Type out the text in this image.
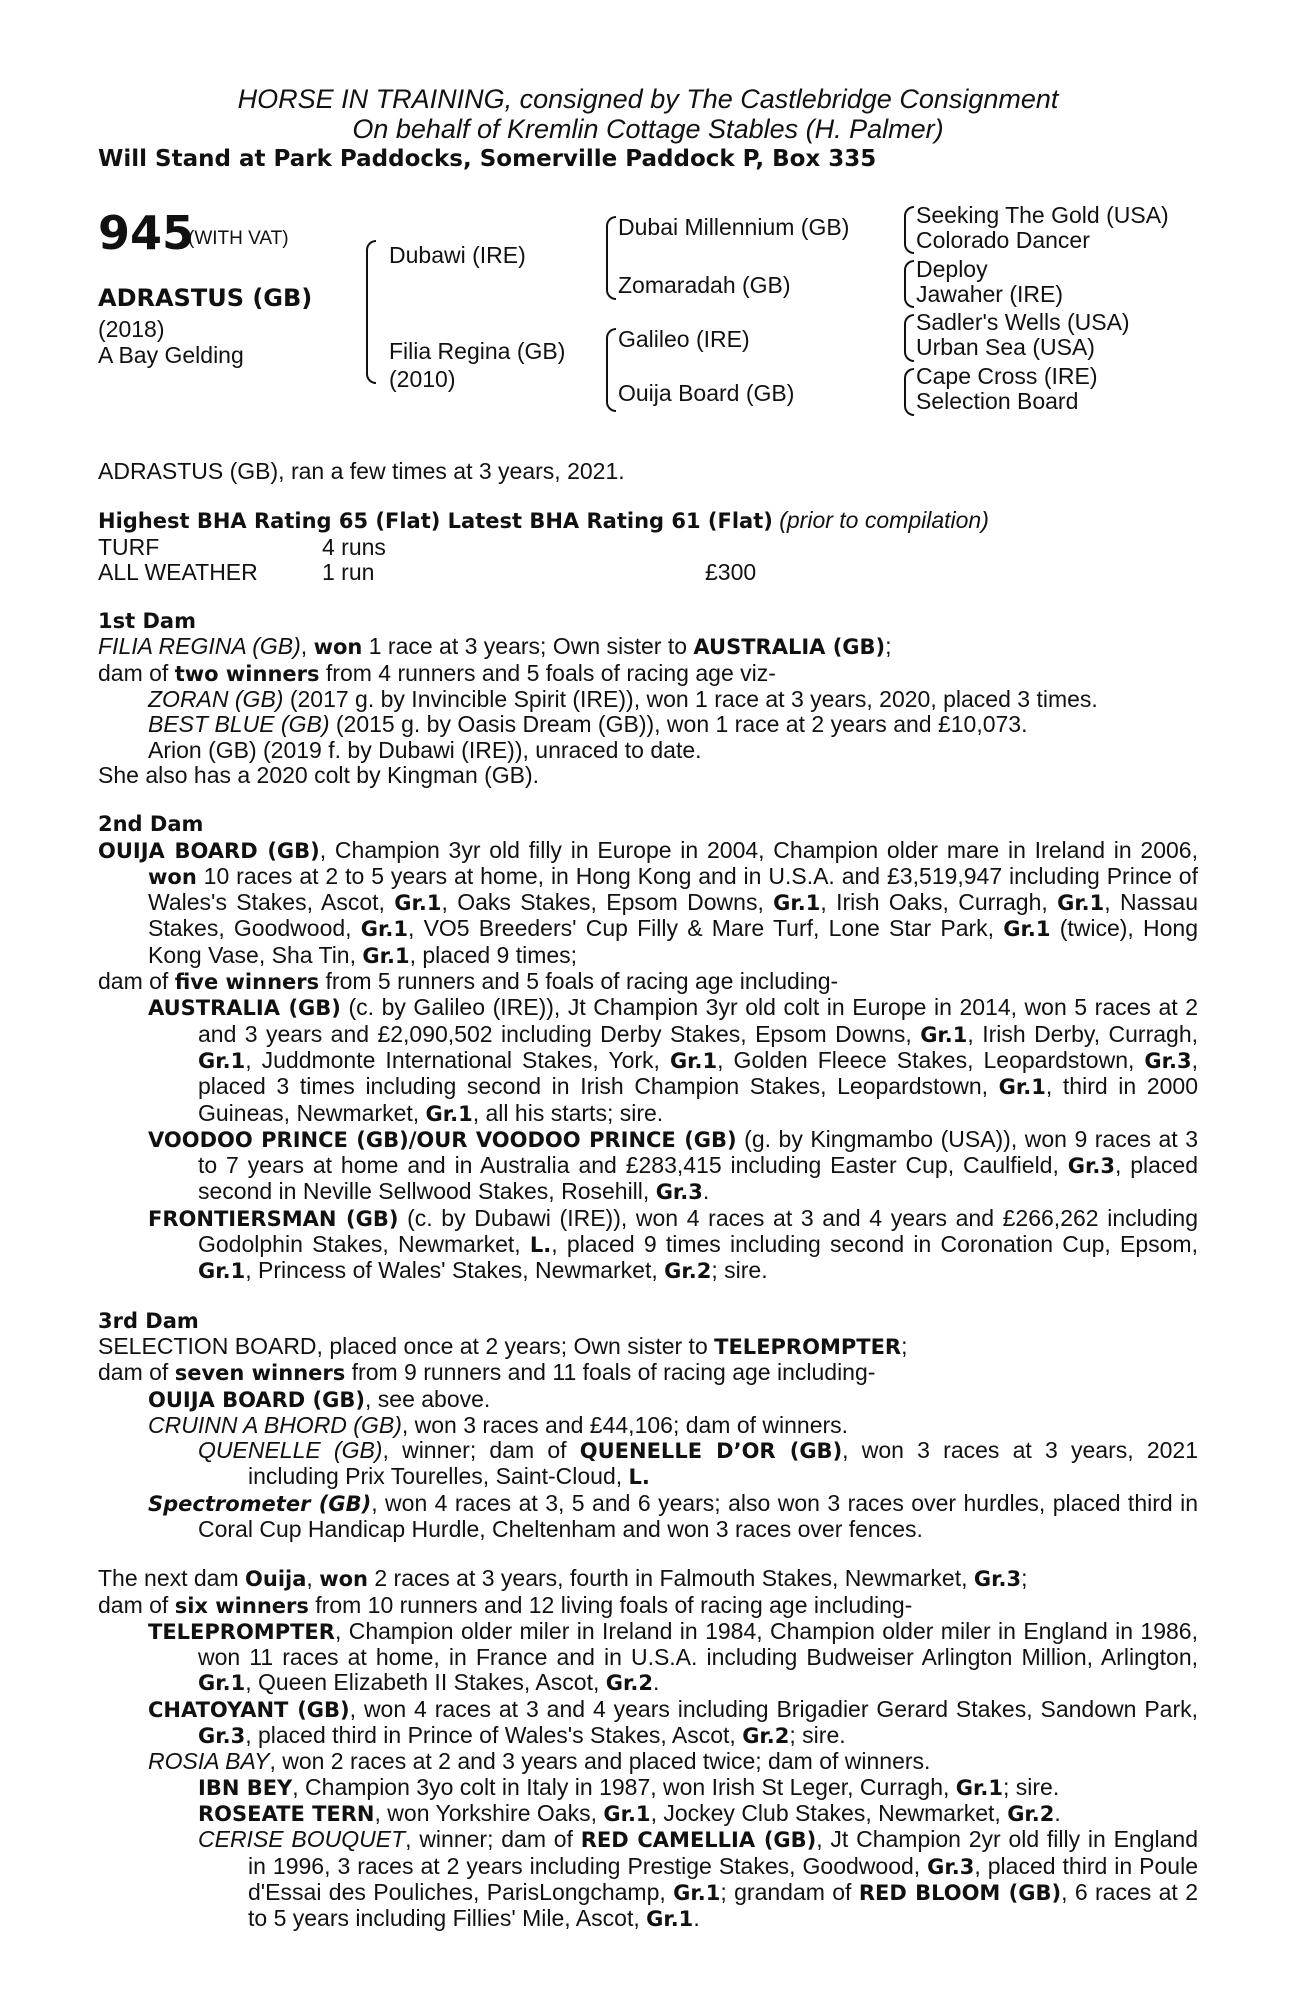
HORSE IN TRAINING, consigned by The Castlebridge Consignment
On behalf of Kremlin Cottage Stables (H. Palmer)
Will Stand at Park Paddocks, Somerville Paddock P, Box 335
945
(WITH VAT)
ADRASTUS (GB)
(2018)
A Bay Gelding
Dubawi (IRE)
Filia Regina (GB)
(2010)
Dubai Millennium (GB)
Zomaradah (GB)
Galileo (IRE)
Ouija Board (GB)
Seeking The Gold (USA)
Colorado Dancer
Deploy
Jawaher (IRE)
Sadler's Wells (USA)
Urban Sea (USA)
Cape Cross (IRE)
Selection Board

ADRASTUS (GB), ran a few times at 3 years, 2021.

Highest BHA Rating 65 (Flat) Latest BHA Rating 61 (Flat) (prior to compilation)

TURF	4 runs
ALL WEATHER	1 run	£300

1st Dam

FILIA REGINA (GB), won 1 race at 3 years; Own sister to AUSTRALIA (GB);

dam of two winners from 4 runners and 5 foals of racing age viz-

ZORAN (GB) (2017 g. by Invincible Spirit (IRE)), won 1 race at 3 years, 2020, placed 3 times.

BEST BLUE (GB) (2015 g. by Oasis Dream (GB)), won 1 race at 2 years and £10,073.

Arion (GB) (2019 f. by Dubawi (IRE)), unraced to date.

She also has a 2020 colt by Kingman (GB).

2nd Dam

OUIJA BOARD (GB), Champion 3yr old filly in Europe in 2004, Champion older mare in Ireland in 2006, won 10 races at 2 to 5 years at home, in Hong Kong and in U.S.A. and £3,519,947 including Prince of Wales's Stakes, Ascot, Gr.1, Oaks Stakes, Epsom Downs, Gr.1, Irish Oaks, Curragh, Gr.1, Nassau Stakes, Goodwood, Gr.1, VO5 Breeders' Cup Filly & Mare Turf, Lone Star Park, Gr.1 (twice), Hong Kong Vase, Sha Tin, Gr.1, placed 9 times;

dam of five winners from 5 runners and 5 foals of racing age including-

AUSTRALIA (GB) (c. by Galileo (IRE)), Jt Champion 3yr old colt in Europe in 2014, won 5 races at 2 and 3 years and £2,090,502 including Derby Stakes, Epsom Downs, Gr.1, Irish Derby, Curragh, Gr.1, Juddmonte International Stakes, York, Gr.1, Golden Fleece Stakes, Leopardstown, Gr.3, placed 3 times including second in Irish Champion Stakes, Leopardstown, Gr.1, third in 2000 Guineas, Newmarket, Gr.1, all his starts; sire.

VOODOO PRINCE (GB)/OUR VOODOO PRINCE (GB) (g. by Kingmambo (USA)), won 9 races at 3 to 7 years at home and in Australia and £283,415 including Easter Cup, Caulfield, Gr.3, placed second in Neville Sellwood Stakes, Rosehill, Gr.3.

FRONTIERSMAN (GB) (c. by Dubawi (IRE)), won 4 races at 3 and 4 years and £266,262 including Godolphin Stakes, Newmarket, L., placed 9 times including second in Coronation Cup, Epsom, Gr.1, Princess of Wales' Stakes, Newmarket, Gr.2; sire.

3rd Dam

SELECTION BOARD, placed once at 2 years; Own sister to TELEPROMPTER;

dam of seven winners from 9 runners and 11 foals of racing age including-

OUIJA BOARD (GB), see above.

CRUINN A BHORD (GB), won 3 races and £44,106; dam of winners.

QUENELLE (GB), winner; dam of QUENELLE D’OR (GB), won 3 races at 3 years, 2021 including Prix Tourelles, Saint-Cloud, L.

Spectrometer (GB), won 4 races at 3, 5 and 6 years; also won 3 races over hurdles, placed third in Coral Cup Handicap Hurdle, Cheltenham and won 3 races over fences.

The next dam Ouija, won 2 races at 3 years, fourth in Falmouth Stakes, Newmarket, Gr.3;

dam of six winners from 10 runners and 12 living foals of racing age including-

TELEPROMPTER, Champion older miler in Ireland in 1984, Champion older miler in England in 1986, won 11 races at home, in France and in U.S.A. including Budweiser Arlington Million, Arlington, Gr.1, Queen Elizabeth II Stakes, Ascot, Gr.2.

CHATOYANT (GB), won 4 races at 3 and 4 years including Brigadier Gerard Stakes, Sandown Park, Gr.3, placed third in Prince of Wales's Stakes, Ascot, Gr.2; sire.

ROSIA BAY, won 2 races at 2 and 3 years and placed twice; dam of winners.

IBN BEY, Champion 3yo colt in Italy in 1987, won Irish St Leger, Curragh, Gr.1; sire.

ROSEATE TERN, won Yorkshire Oaks, Gr.1, Jockey Club Stakes, Newmarket, Gr.2.

CERISE BOUQUET, winner; dam of RED CAMELLIA (GB), Jt Champion 2yr old filly in England in 1996, 3 races at 2 years including Prestige Stakes, Goodwood, Gr.3, placed third in Poule d'Essai des Pouliches, ParisLongchamp, Gr.1; grandam of RED BLOOM (GB), 6 races at 2 to 5 years including Fillies' Mile, Ascot, Gr.1.
